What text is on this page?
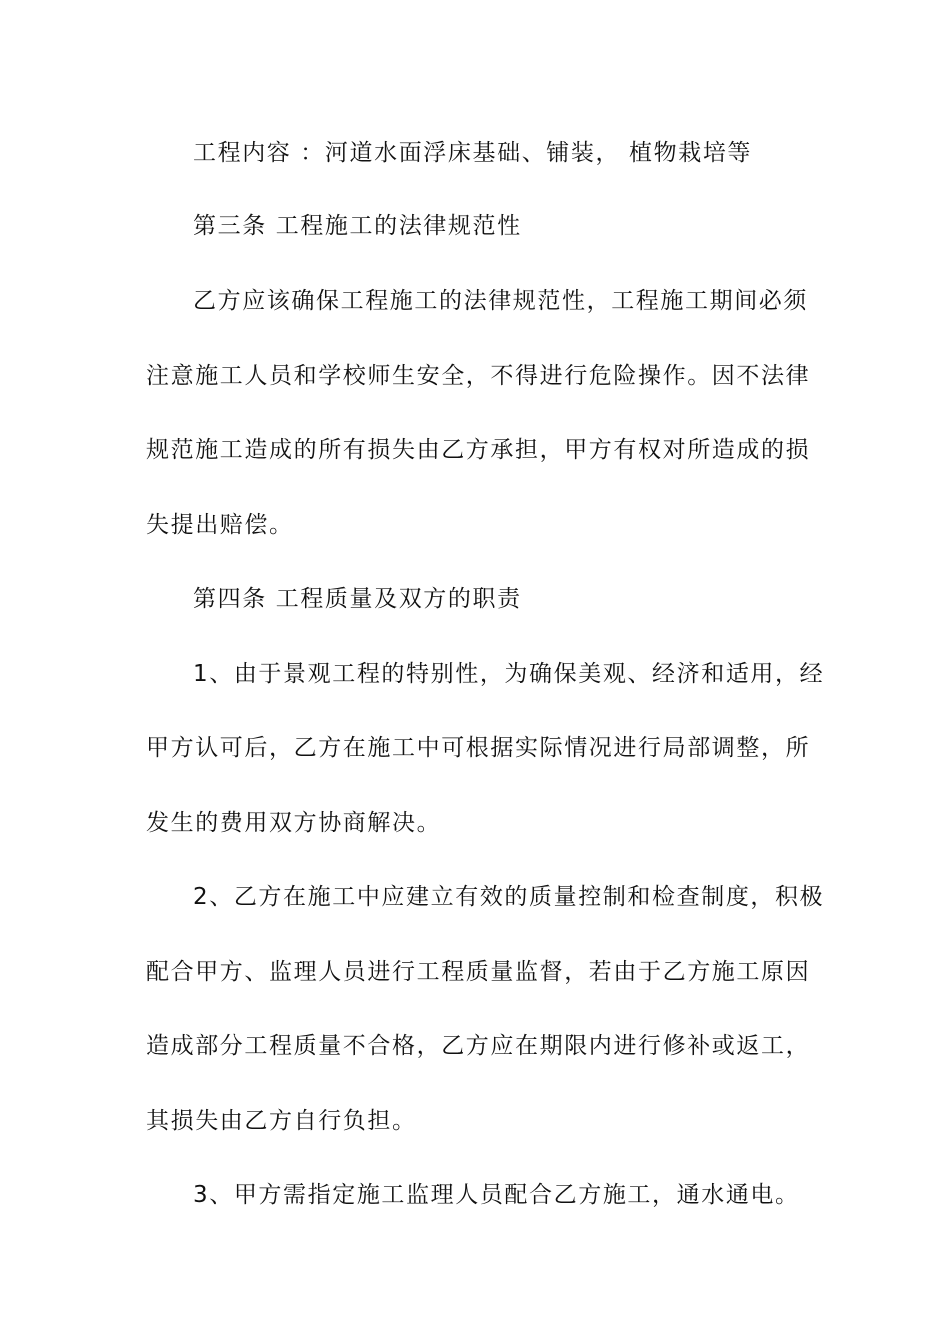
工程内容 ：河道水面浮床基础、铺装， 植物栽培等
第三条 工程施工的法律规范性
乙方应该确保工程施工的法律规范性，工程施工期间必须
注意施工人员和学校师生安全，不得进行危险操作。因不法律
规范施工造成的所有损失由乙方承担，甲方有权对所造成的损
失提出赔偿。
第四条 工程质量及双方的职责
1、由于景观工程的特别性，为确保美观、经济和适用，经
甲方认可后，乙方在施工中可根据实际情况进行局部调整，所
发生的费用双方协商解决。
2、乙方在施工中应建立有效的质量控制和检查制度，积极
配合甲方、监理人员进行工程质量监督，若由于乙方施工原因
造成部分工程质量不合格，乙方应在期限内进行修补或返工，
其损失由乙方自行负担。
3、甲方需指定施工监理人员配合乙方施工，通水通电。
